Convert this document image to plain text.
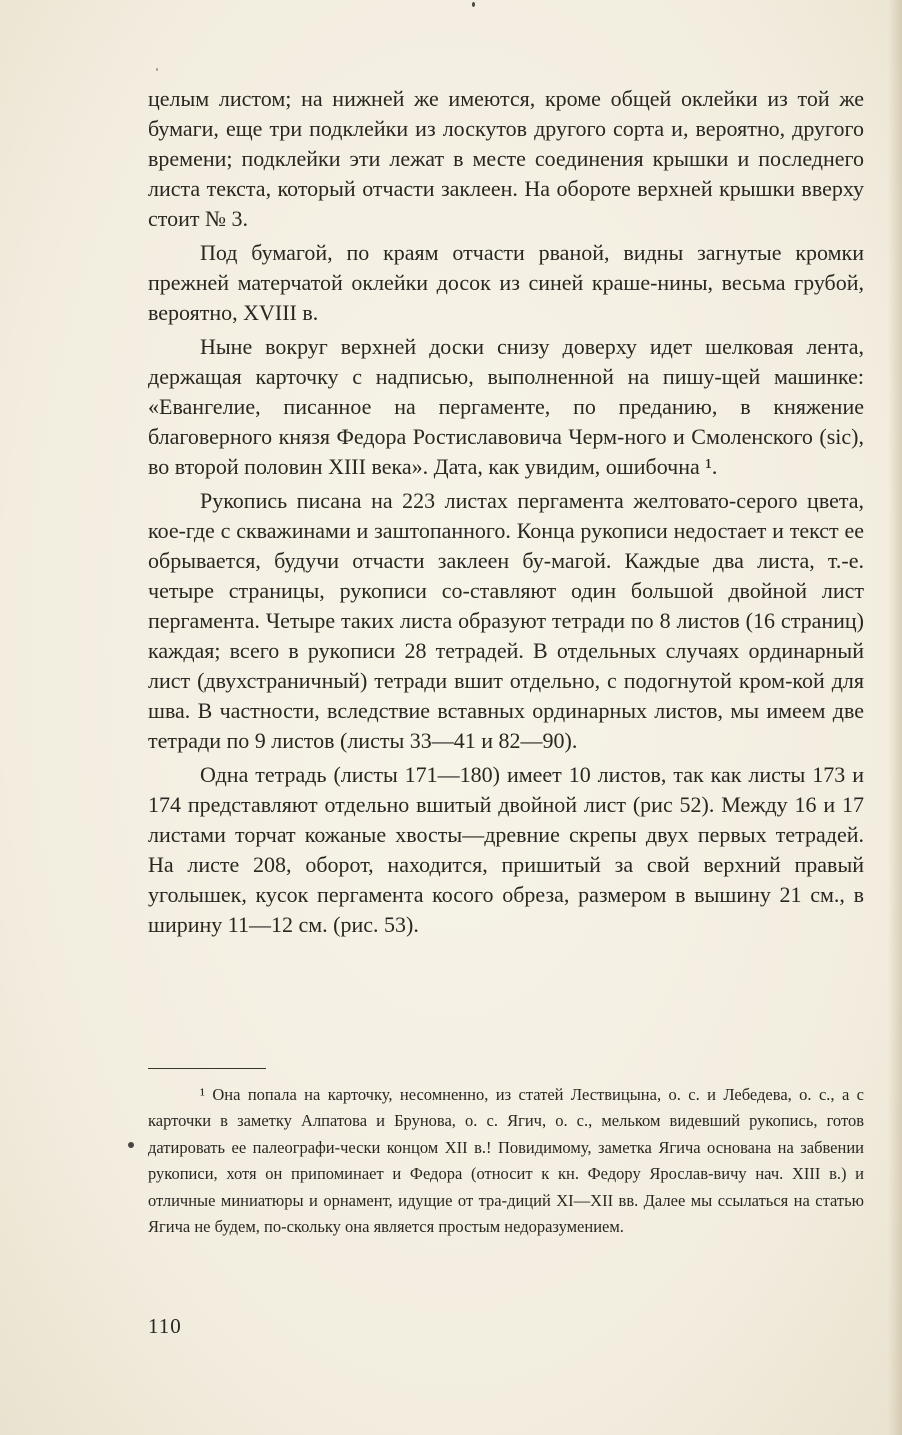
целым листом; на нижней же имеются, кроме общей оклейки из той же бумаги, еще три подклейки из лоскутов другого сорта и, вероятно, другого времени; подклейки эти лежат в месте соединения крышки и последнего листа текста, который отчасти заклеен. На обороте верхней крышки вверху стоит № 3.

Под бумагой, по краям отчасти рваной, видны загнутые кромки прежней матерчатой оклейки досок из синей краше-нины, весьма грубой, вероятно, XVIII в.

Ныне вокруг верхней доски снизу доверху идет шелковая лента, держащая карточку с надписью, выполненной на пишу-щей машинке: «Евангелие, писанное на пергаменте, по преданию, в княжение благоверного князя Федора Ростиславовича Черм-ного и Смоленского (sic), во второй половин XIII века». Дата, как увидим, ошибочна ¹.

Рукопись писана на 223 листах пергамента желтовато-серого цвета, кое-где с скважинами и заштопанного. Конца рукописи недостает и текст ее обрывается, будучи отчасти заклеен бу-магой. Каждые два листа, т.-е. четыре страницы, рукописи со-ставляют один большой двойной лист пергамента. Четыре таких листа образуют тетради по 8 листов (16 страниц) каждая; всего в рукописи 28 тетрадей. В отдельных случаях ординарный лист (двухстраничный) тетради вшит отдельно, с подогнутой кром-кой для шва. В частности, вследствие вставных ординарных листов, мы имеем две тетради по 9 листов (листы 33—41 и 82—90).

Одна тетрадь (листы 171—180) имеет 10 листов, так как листы 173 и 174 представляют отдельно вшитый двойной лист (рис 52). Между 16 и 17 листами торчат кожаные хвосты—древние скрепы двух первых тетрадей. На листе 208, оборот, находится, пришитый за свой верхний правый уголышек, кусок пергамента косого обреза, размером в вышину 21 см., в ширину 11—12 см. (рис. 53).

¹ Она попала на карточку, несомненно, из статей Лествицына, о. с. и Лебедева, о. с., а с карточки в заметку Алпатова и Брунова, о. с. Ягич, о. с., мельком видевший рукопись, готов датировать ее палеографи-чески концом XII в.! Повидимому, заметка Ягича основана на забвении рукописи, хотя он припоминает и Федора (относит к кн. Федору Ярослав-вичу нач. XIII в.) и отличные миниатюры и орнамент, идущие от тра-диций XI—XII вв. Далее мы ссылаться на статью Ягича не будем, по-скольку она является простым недоразумением.

110
